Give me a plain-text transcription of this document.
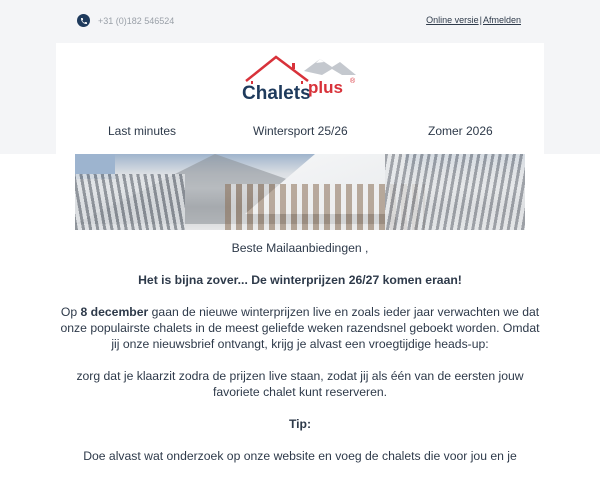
+31 (0)182 546524	Online versie|Afmelden
Chalets
plus ®
Last minutes	Wintersport 25/26	Zomer 2026

Beste Mailaanbiedingen ,

Het is bijna zover... De winterprijzen 26/27 komen eraan!

Op 8 december gaan de nieuwe winterprijzen live en zoals ieder jaar verwachten we dat onze populairste chalets in de meest geliefde weken razendsnel geboekt worden. Omdat jij onze nieuwsbrief ontvangt, krijg je alvast een vroegtijdige heads-up:

zorg dat je klaarzit zodra de prijzen live staan, zodat jij als één van de eersten jouw favoriete chalet kunt reserveren.

Tip:

Doe alvast wat onderzoek op onze website en voeg de chalets die voor jou en je
